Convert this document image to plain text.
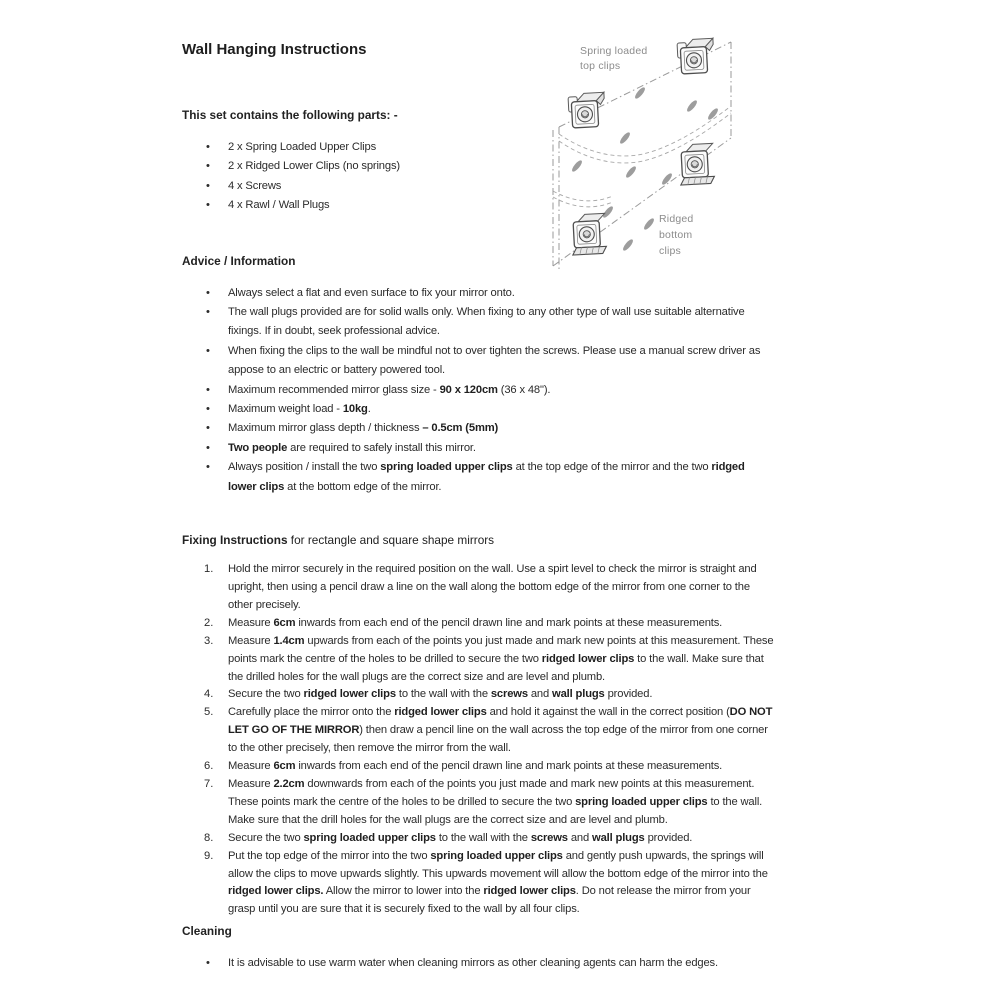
Spring loaded
top clips
Ridged
bottom
clips
Wall Hanging Instructions
This set contains the following parts: -
• 2 x Spring Loaded Upper Clips
• 2 x Ridged Lower Clips (no springs)
• 4 x Screws
• 4 x Rawl / Wall Plugs
Advice / Information
• Always select a flat and even surface to fix your mirror onto.
• The wall plugs provided are for solid walls only. When fixing to any other type of wall use suitable alternative fixings. If in doubt, seek professional advice.
• When fixing the clips to the wall be mindful not to over tighten the screws. Please use a manual screw driver as appose to an electric or battery powered tool.
• Maximum recommended mirror glass size - 90 x 120cm (36 x 48").
• Maximum weight load - 10kg.
• Maximum mirror glass depth / thickness – 0.5cm (5mm)
• Two people are required to safely install this mirror.
• Always position / install the two spring loaded upper clips at the top edge of the mirror and the two ridged lower clips at the bottom edge of the mirror.
Fixing Instructions for rectangle and square shape mirrors
1. Hold the mirror securely in the required position on the wall. Use a spirt level to check the mirror is straight and upright, then using a pencil draw a line on the wall along the bottom edge of the mirror from one corner to the other precisely.
2. Measure 6cm inwards from each end of the pencil drawn line and mark points at these measurements.
3. Measure 1.4cm upwards from each of the points you just made and mark new points at this measurement. These points mark the centre of the holes to be drilled to secure the two ridged lower clips to the wall. Make sure that the drilled holes for the wall plugs are the correct size and are level and plumb.
4. Secure the two ridged lower clips to the wall with the screws and wall plugs provided.
5. Carefully place the mirror onto the ridged lower clips and hold it against the wall in the correct position (DO NOT LET GO OF THE MIRROR) then draw a pencil line on the wall across the top edge of the mirror from one corner to the other precisely, then remove the mirror from the wall.
6. Measure 6cm inwards from each end of the pencil drawn line and mark points at these measurements.
7. Measure 2.2cm downwards from each of the points you just made and mark new points at this measurement. These points mark the centre of the holes to be drilled to secure the two spring loaded upper clips to the wall. Make sure that the drill holes for the wall plugs are the correct size and are level and plumb.
8. Secure the two spring loaded upper clips to the wall with the screws and wall plugs provided.
9. Put the top edge of the mirror into the two spring loaded upper clips and gently push upwards, the springs will allow the clips to move upwards slightly. This upwards movement will allow the bottom edge of the mirror into the ridged lower clips. Allow the mirror to lower into the ridged lower clips. Do not release the mirror from your grasp until you are sure that it is securely fixed to the wall by all four clips.
Cleaning
• It is advisable to use warm water when cleaning mirrors as other cleaning agents can harm the edges.
